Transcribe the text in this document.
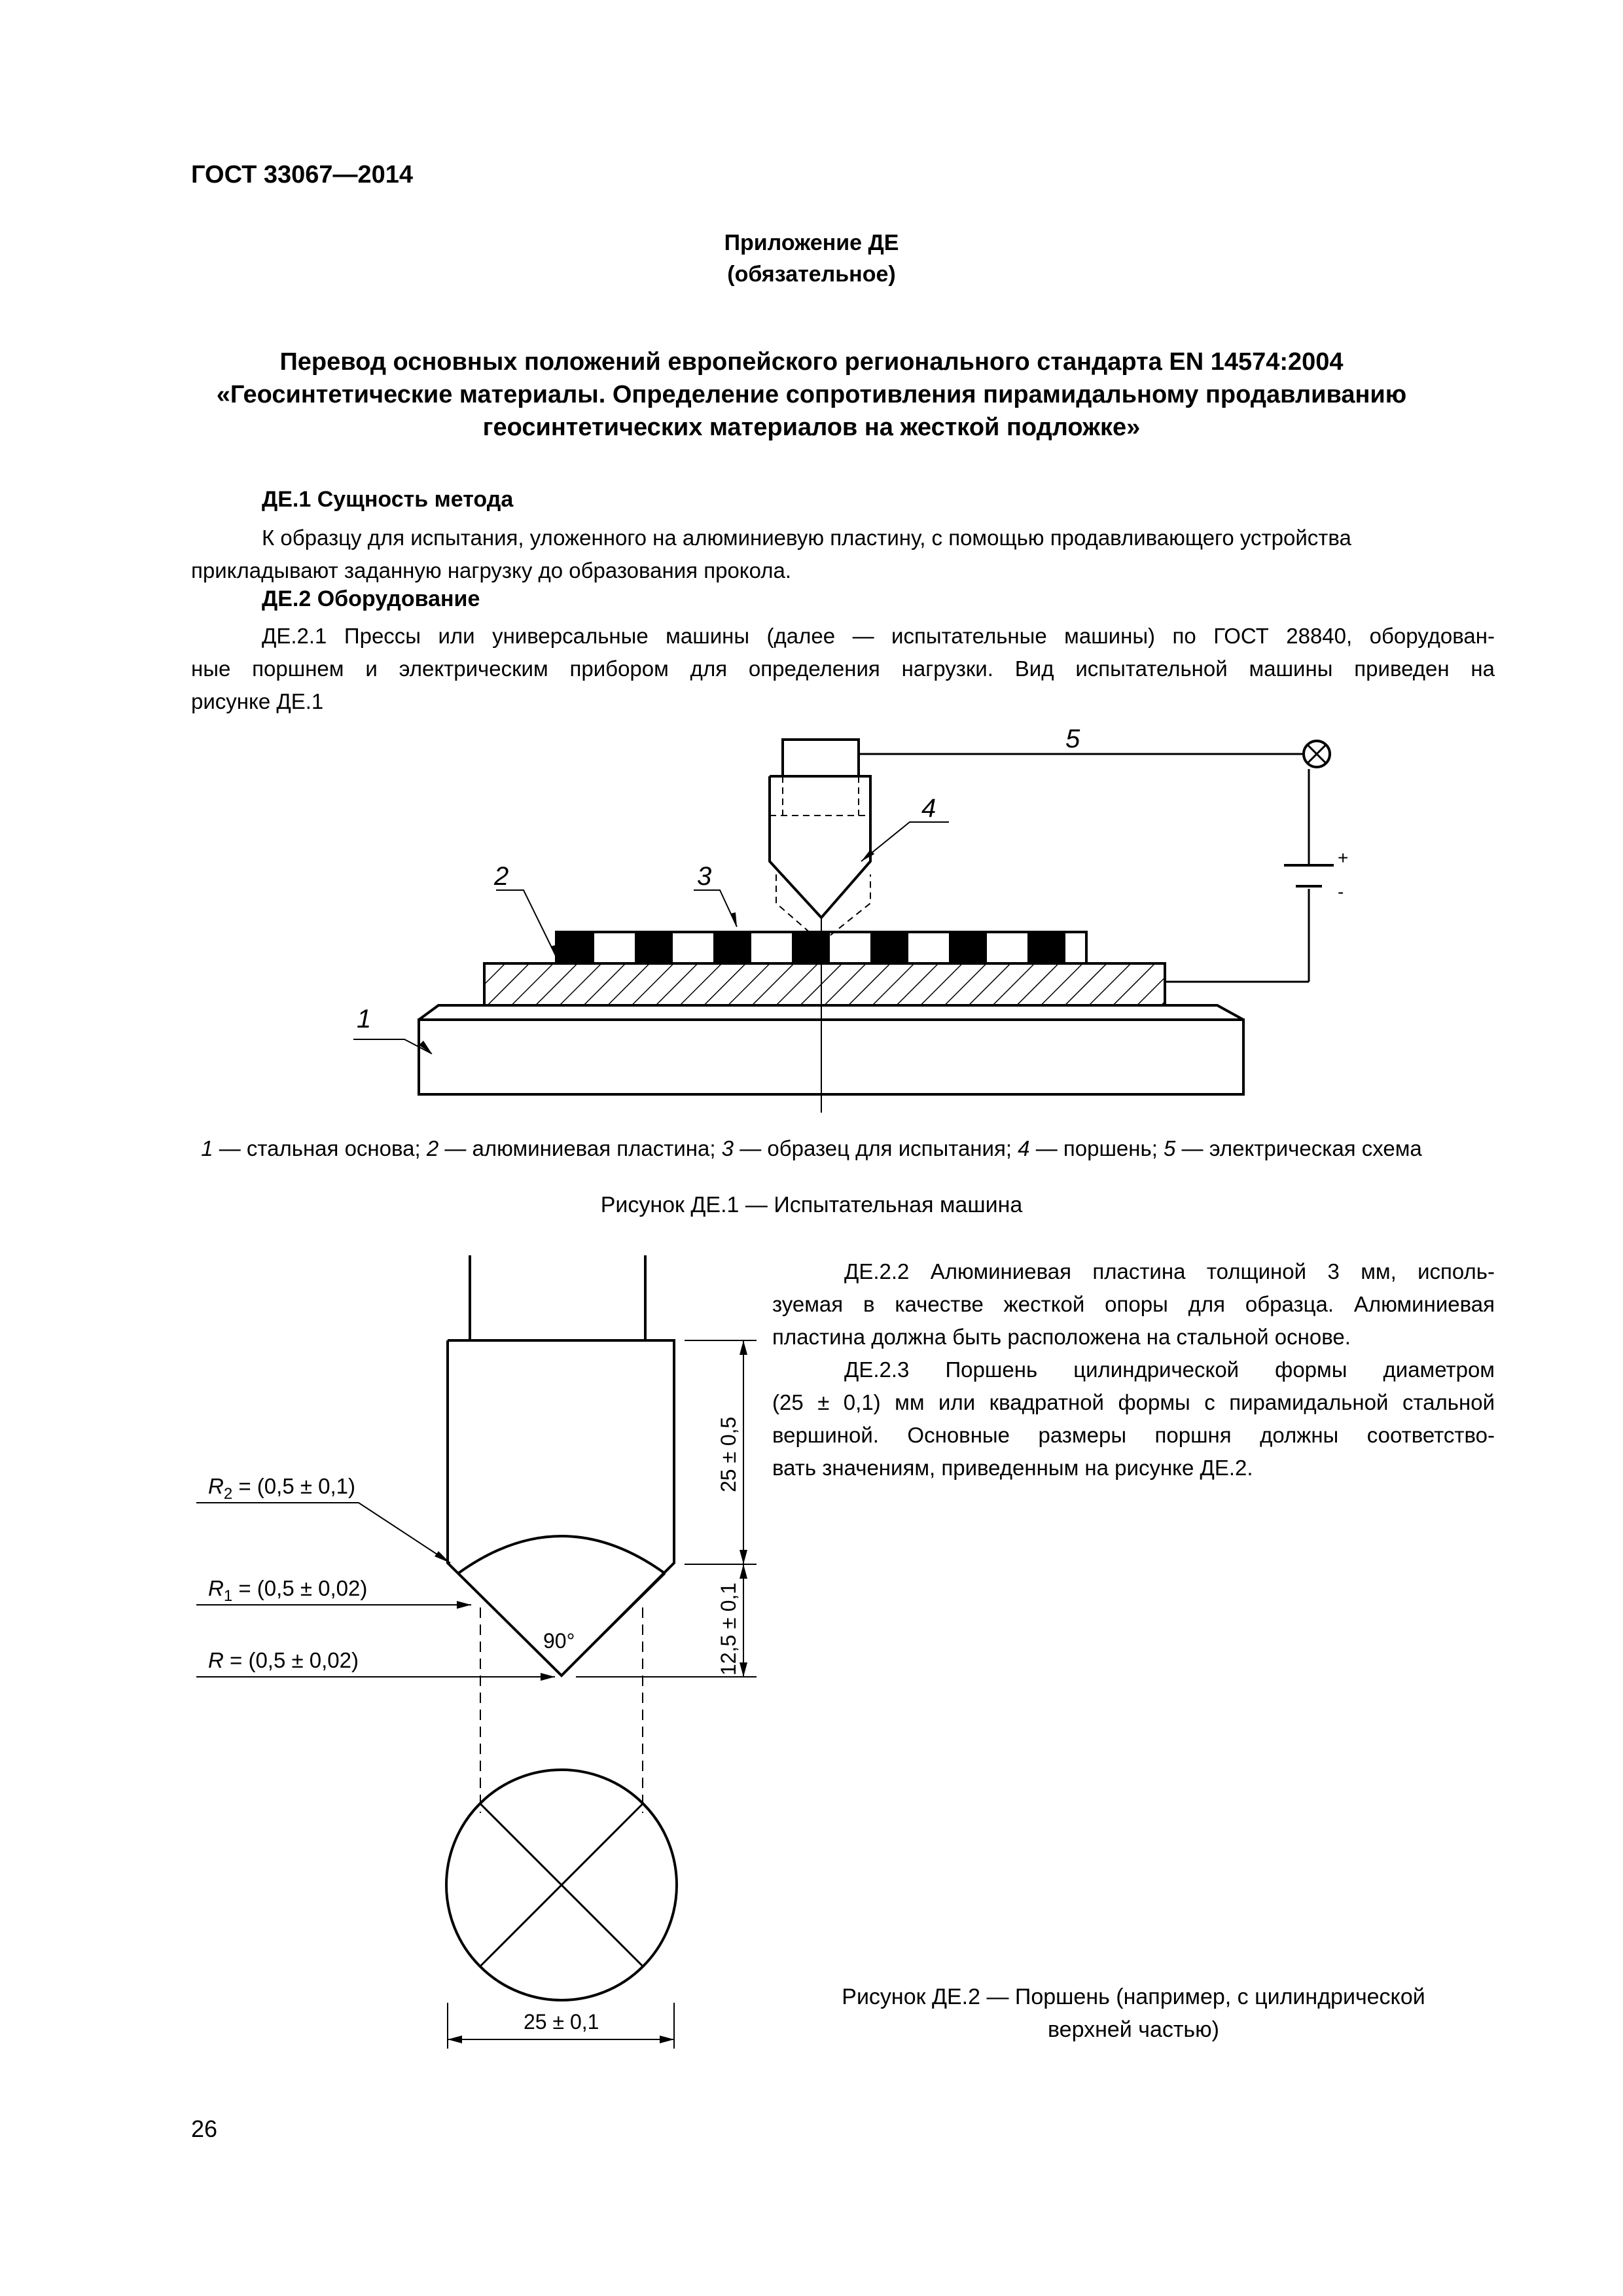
ГОСТ 33067—2014
Приложение ДЕ
(обязательное)
Перевод основных положений европейского регионального стандарта EN 14574:2004
«Геосинтетические материалы. Определение сопротивления пирамидальному продавливанию
геосинтетических материалов на жесткой подложке»
ДЕ.1 Сущность метода
К образцу для испытания, уложенного на алюминиевую пластину, с помощью продавливающего устройства
прикладывают заданную нагрузку до образования прокола.
ДЕ.2 Оборудование
ДЕ.2.1 Прессы или универсальные машины (далее — испытательные машины) по ГОСТ 28840, оборудован-
ные поршнем и электрическим прибором для определения нагрузки. Вид испытательной машины приведен на
рисунке ДЕ.1
1
2	3
4
5
+
-
1 — стальная основа; 2 — алюминиевая пластина; 3 — образец для испытания; 4 — поршень; 5 — электрическая схема
Рисунок ДЕ.1 — Испытательная машина
$R_2 = (0,5 \pm 0,1)$
$R_1 = (0,5 \pm 0,02)$
R = (0,5 ± 0,02)
90°
25 ± 0,5
12,5 ± 0,1
25 ± 0,1
ДЕ.2.2 Алюминиевая пластина толщиной 3 мм, исполь-
зуемая в качестве жесткой опоры для образца. Алюминиевая
пластина должна быть расположена на стальной основе.
ДЕ.2.3 Поршень цилиндрической формы диаметром
(25 ± 0,1) мм или квадратной формы с пирамидальной стальной
вершиной. Основные размеры поршня должны соответство-
вать значениям, приведенным на рисунке ДЕ.2.
Рисунок ДЕ.2 — Поршень (например, с цилиндрической
верхней частью)
26
